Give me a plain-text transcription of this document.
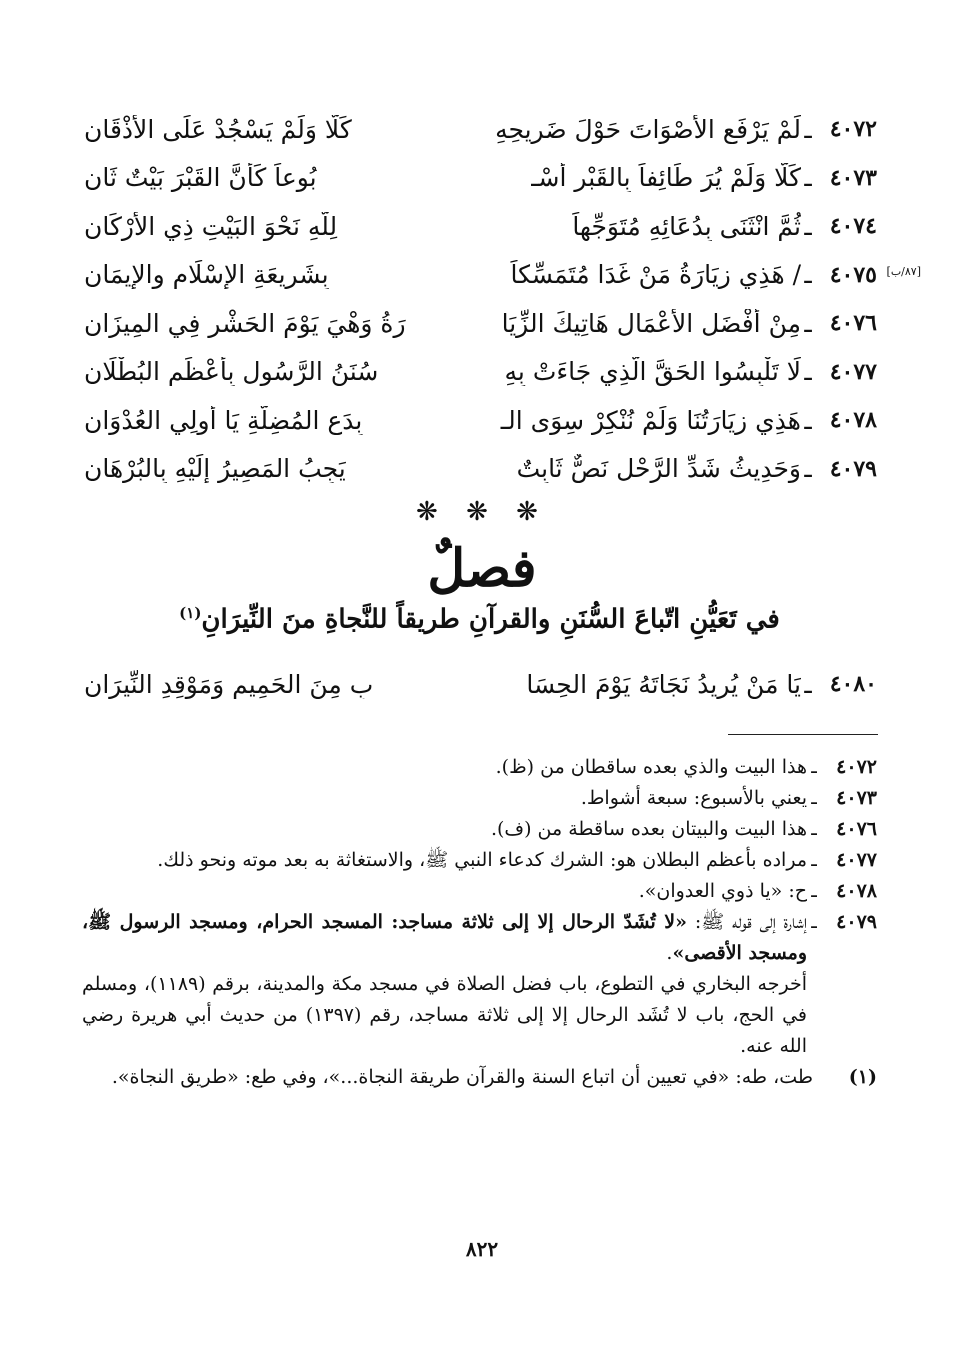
٤٠٧٢
ـ
لَمْ يَرْفَعِ الأصْوَاتَ حَوْلَ ضَرِيحِهِ
كَلَّا وَلَمْ يَسْجُدْ عَلَى الأذْقَانِ
٤٠٧٣
ـ
كَلَّا وَلَمْ يُرَ طَائِفاً بِالقَبْرِ أُسْـ
بُوعاً كَأَنَّ القَبْرَ بَيْتٌ ثَانِ
٤٠٧٤
ـ
ثُمَّ انْثَنَى بِدُعَائِهِ مُتَوَجِّهاً
لِلَّهِ نَحْوَ البَيْتِ ذِي الأرْكَانِ
[٨٧/ب]
٤٠٧٥
ـ
/ هَذِي زِيَارَةُ مَنْ غَدَا مُتَمَسِّكاً
بِشَرِيعَةِ الإسْلَامِ والإيمَانِ
٤٠٧٦
ـ
مِنْ أفْضَلِ الأعْمَالِ هَاتِيكَ الزِّيَا
رَةُ وَهْيَ يَوْمَ الحَشْرِ فِي المِيزَانِ
٤٠٧٧
ـ
لَا تَلْبِسُوا الحَقَّ الَّذِي جَاءَتْ بِهِ
سُنَنُ الرَّسُولِ بِأعْظَمِ البُطْلَانِ
٤٠٧٨
ـ
هَذِي زِيَارَتُنَا وَلَمْ نُنْكِرْ سِوَى الـ
بِدَعِ المُضِلَّةِ يَا أُولِي العُدْوَانِ
٤٠٧٩
ـ
وَحَدِيثُ شَدِّ الرَّحْلِ نَصٌّ ثَابِتٌ
يَجِبُ المَصِيرُ إلَيْهِ بِالبُرْهَانِ
❋ ❋ ❋
فصلٌ
في تَعَيُّنِ اتّباعَ السُّنَنِ والقرآنِ طريقاً للنَّجاةِ منَ النِّيرَانِ$^{(١)}$
٤٠٨٠
ـ
يَا مَنْ يُرِيدُ نَجَاتَهُ يَوْمَ الحِسَا
بِ مِنَ الحَمِيمِ وَمَوْقِدِ النِّيرَانِ
٤٠٧٢
ـ
هذا البيت والذي بعده ساقطان من (ظ).
٤٠٧٣
ـ
يعني بالأسبوع: سبعة أشواط.
٤٠٧٦
ـ
هذا البيت والبيتان بعده ساقطة من (ف).
٤٠٧٧
ـ
مراده بأعظم البطلان هو: الشرك كدعاء النبي ﷺ، والاستغاثة به بعد موته ونحو ذلك.
٤٠٧٨
ـ
ح: «يا ذوي العدوان».
٤٠٧٩
ـ
إشارة إلى قوله ﷺ: «لا تُشَدّ الرحال إلا إلى ثلاثة مساجد: المسجد الحرام، ومسجد الرسول ﷺ، ومسجد الأقصى».
أخرجه البخاري في التطوع، باب فضل الصلاة في مسجد مكة والمدينة، برقم (١١٨٩)، ومسلم في الحج، باب لا تُشَد الرحال إلا إلى ثلاثة مساجد، رقم (١٣٩٧) من حديث أبي هريرة رضي الله عنه.
(١)
طت، طه: «في تعيين أن اتباع السنة والقرآن طريقة النجاة...»، وفي طع: «طريق النجاة».
٨٢٢
